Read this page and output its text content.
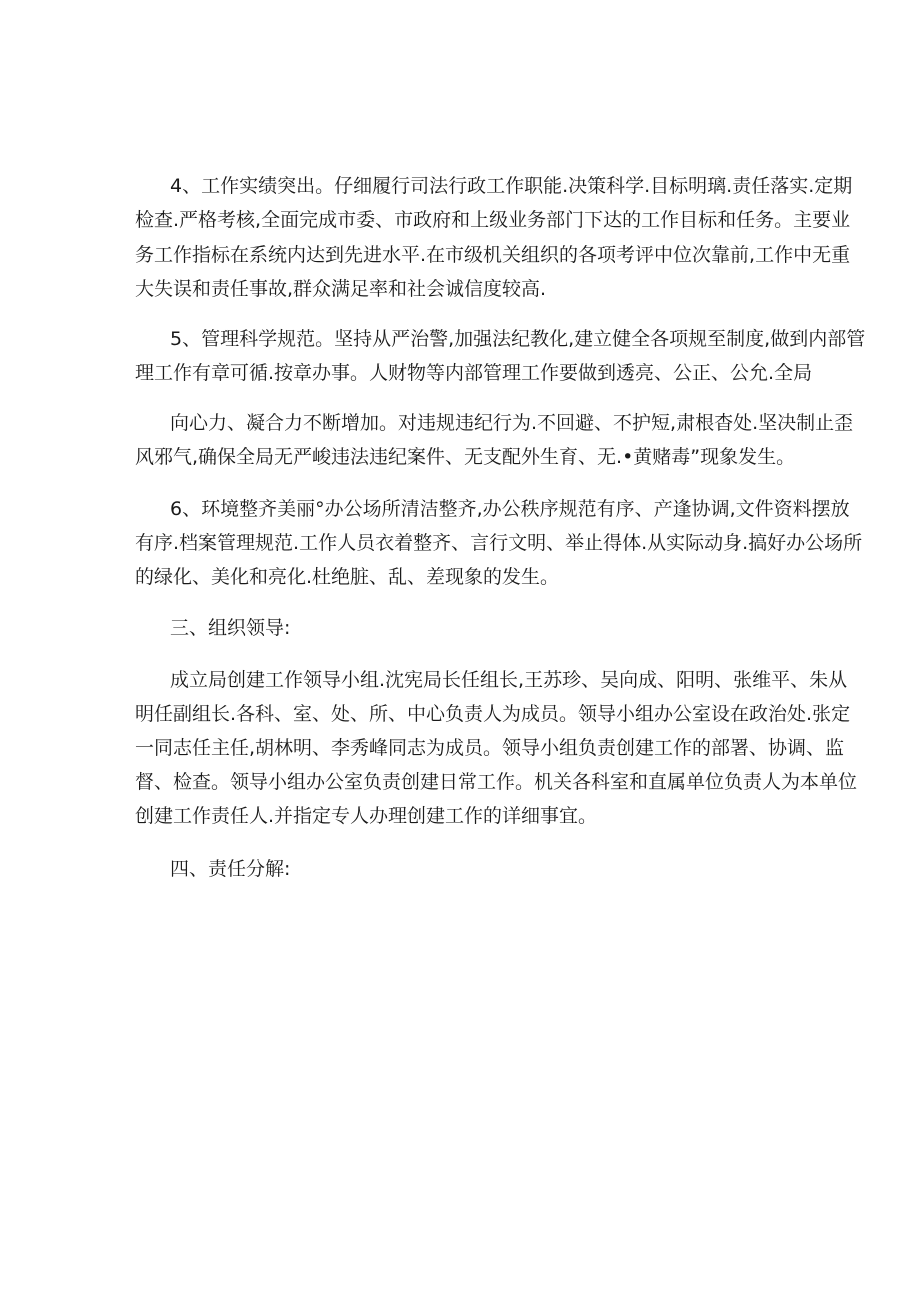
4、工作实绩突出。仔细履行司法行政工作职能.决策科学.目标明璃.责任落实.定期
检查.严格考核,全面完成市委、市政府和上级业务部门下达的工作目标和任务。主要业
务工作指标在系统内达到先进水平.在市级机关组织的各项考评中位次靠前,工作中无重
大失误和责任事故,群众满足率和社会诚信度较高.
5、管理科学规范。坚持从严治警,加强法纪教化,建立健全各项规至制度,做到内部管
理工作有章可循.按章办事。人财物等内部管理工作要做到透亮、公正、公允.全局
向心力、凝合力不断增加。对违规违纪行为.不回避、不护短,肃根杳处.坚决制止歪
风邪气,确保全局无严峻违法违纪案件、无支配外生育、无.•黄赌毒”现象发生。
6、环境整齐美丽°办公场所清洁整齐,办公秩序规范有序、产逢协调,文件资料摆放
有序.档案管理规范.工作人员衣着整齐、言行文明、举止得体.从实际动身.搞好办公场所
的绿化、美化和亮化.杜绝脏、乱、差现象的发生。
三、组织领导:
成立局创建工作领导小组.沈宪局长任组长,王苏珍、吴向成、阳明、张维平、朱从
明任副组长.各科、室、处、所、中心负责人为成员。领导小组办公室设在政治处.张定
一同志任主任,胡林明、李秀峰同志为成员。领导小组负责创建工作的部署、协调、监
督、检查。领导小组办公室负责创建日常工作。机关各科室和直属单位负责人为本单位
创建工作责任人.并指定专人办理创建工作的详细事宜。
四、责任分解:
